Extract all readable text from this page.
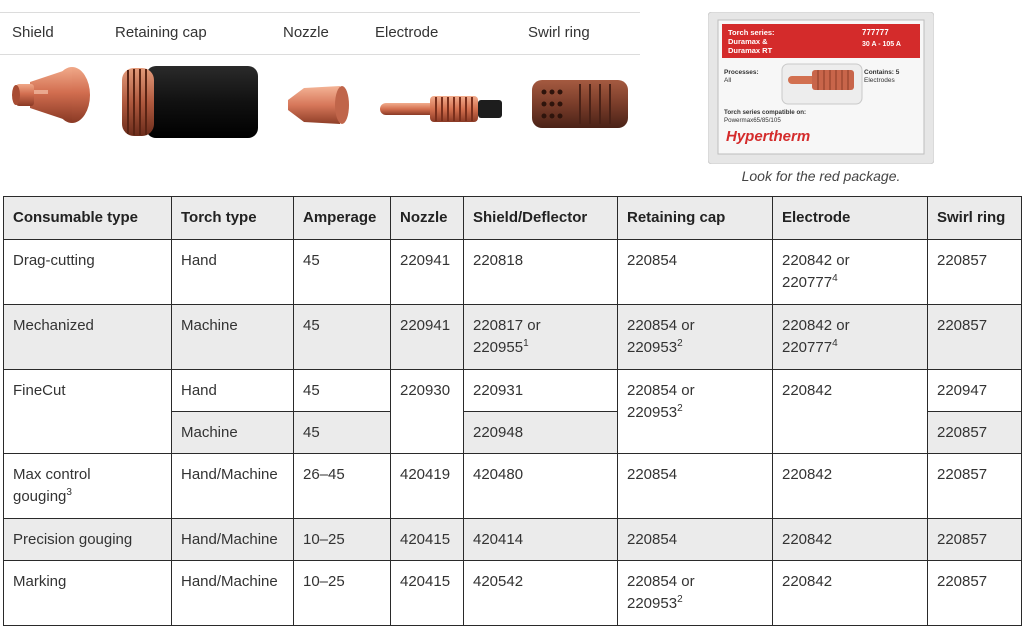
Shield	Retaining cap	Nozzle	Electrode	Swirl ring	Torch series:
Duramax &
Duramax RT
777777
30 A - 105 A
Processes:
All
Contains: 5
Electrodes
Torch series compatible on:
Powermax65/85/105
Hypertherm
Look for the red package.
Consumable type	Torch type	Amperage	Nozzle	Shield/Deflector	Retaining cap	Electrode	Swirl ring
Drag-cutting	Hand	45	220941	220818	220854	220842 or
220777$^4$	220857
Mechanized	Machine	45	220941	220817 or
220955$^1$	220854 or
220953$^2$	220842 or
220777$^4$	220857
FineCut	Hand	45	220930	220931	220854 or
220953$^2$	220842	220947
	Machine	45		220948			220857

Max control
gouging$^3$	Hand/Machine	26–45	420419	420480	220854	220842	220857
Precision gouging	Hand/Machine	10–25	420415	420414	220854	220842	220857
Marking	Hand/Machine	10–25	420415	420542	220854 or
220953$^2$	220842	220857
